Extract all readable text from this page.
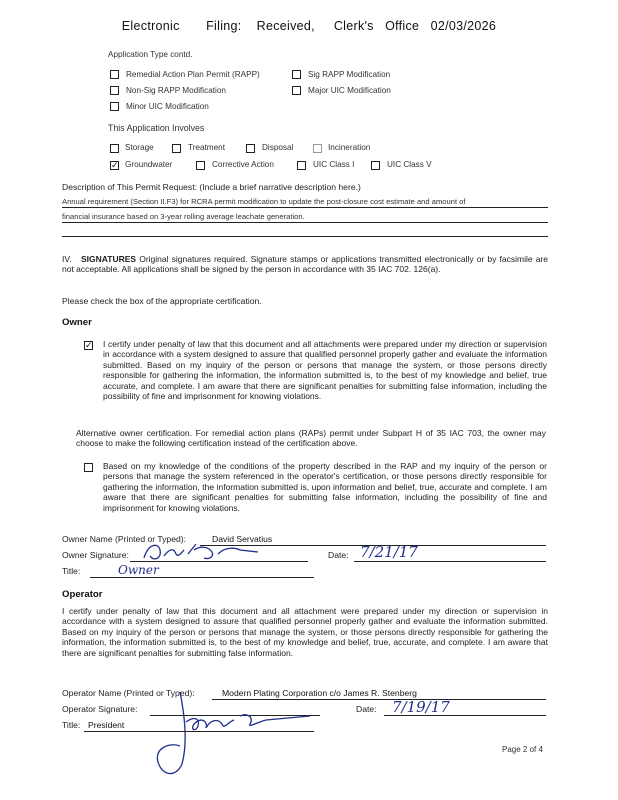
Electronic Filing: Received, Clerk's Office 02/03/2026
Application Type contd.
Remedial Action Plan Permit (RAPP)	Sig RAPP Modification
Non-Sig RAPP Modification	Major UIC Modification
Minor UIC Modification
This Application Involves
Storage	Treatment	Disposal	Incineration
✓ Groundwater	Corrective Action	UIC Class I	UIC Class V
Description of This Permit Request: (Include a brief narrative description here.)
Annual requirement (Section II.F3) for RCRA permit modification to update the post-closure cost estimate and amount of
financial insurance based on 3-year rolling average leachate generation.
IV. SIGNATURES Original signatures required. Signature stamps or applications transmitted electronically or by facsimile are not acceptable. All applications shall be signed by the person in accordance with 35 IAC 702. 126(a).
Please check the box of the appropriate certification.
Owner
✓ I certify under penalty of law that this document and all attachments were prepared under my direction or supervision in accordance with a system designed to assure that qualified personnel properly gather and evaluate the information submitted. Based on my inquiry of the person or persons that manage the system, or those persons directly responsible for gathering the information, the information submitted is, to the best of my knowledge and belief, true accurate, and complete. I am aware that there are significant penalties for submitting false information, including the possibility of fine and imprisonment for knowing violations.
Alternative owner certification. For remedial action plans (RAPs) permit under Subpart H of 35 IAC 703, the owner may choose to make the following certification instead of the certification above.
Based on my knowledge of the conditions of the property described in the RAP and my inquiry of the person or persons that manage the system referenced in the operator's certification, or those persons directly responsible for gathering the information, the information submitted is, upon information and belief, true, accurate and complete. I am aware that there are significant penalties for submitting false information, including the possibility of fine and imprisonment for knowing violations.
Owner Name (Printed or Typed):	David Servatius
Owner Signature:	Date: 7/21/17
Title:	Owner
Operator
I certify under penalty of law that this document and all attachment were prepared under my direction or supervision in accordance with a system designed to assure that qualified personnel properly gather and evaluate the information submitted. Based on my inquiry of the person or persons that manage the system, or those persons directly responsible for gathering the information, the information submitted is, to the best of my knowledge and belief, true, accurate, and complete. I am aware that there are significant penalties for submitting false information.
Operator Name (Printed or Typed):	Modern Plating Corporation c/o James R. Stenberg
Operator Signature:	Date: 7/19/17
Title: President
Page 2 of 4
